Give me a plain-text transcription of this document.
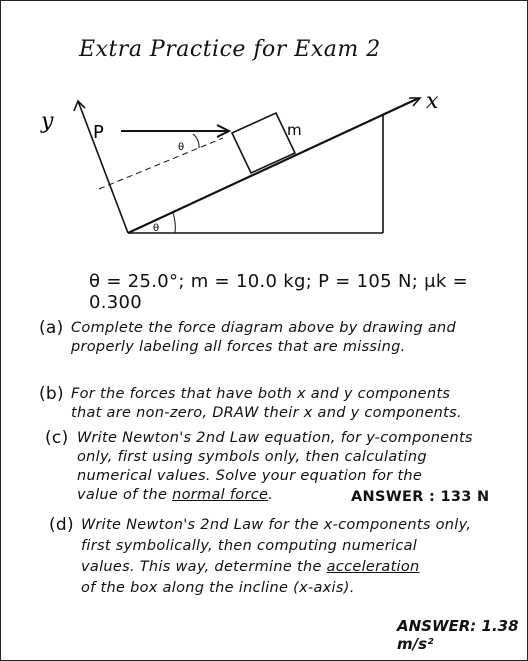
Extra Practice for Exam 2
y
x
P	m
θ
θ
θ = 25.0°; m = 10.0 kg; P = 105 N; μk = 0.300
(a) Complete the force diagram above by drawing and
properly labeling all forces that are missing.
(b) For the forces that have both x and y components
that are non-zero, DRAW their x and y components.
(c) Write Newton's 2nd Law equation, for y-components
only, first using symbols only, then calculating
numerical values. Solve your equation for the
value of the normal force.	ANSWER : 133 N
(d) Write Newton's 2nd Law for the x-components only,
first symbolically, then computing numerical
values. This way, determine the acceleration
of the box along the incline (x-axis).
ANSWER: 1.38 m/s²
